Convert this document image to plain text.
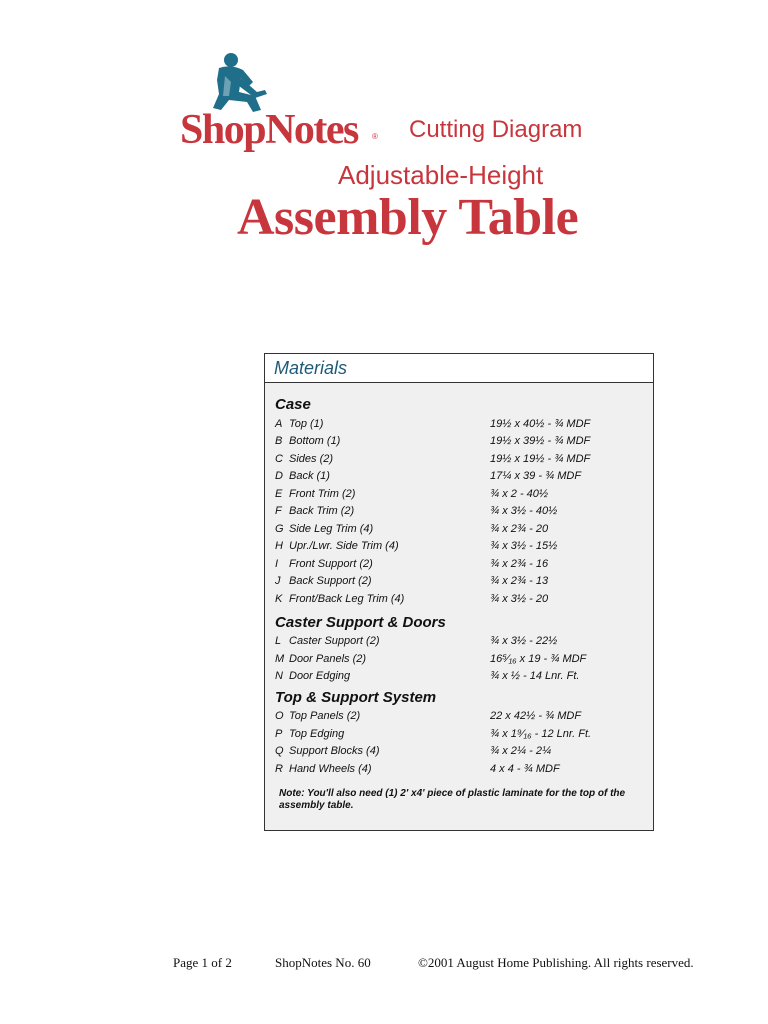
ShopNotes ® Cutting Diagram
Adjustable-Height
Assembly Table
Materials
Case
A Top (1)	19½ x 40½ - ¾ MDF
B Bottom (1)	19½ x 39½ - ¾ MDF
C Sides (2)	19½ x 19½ - ¾ MDF
D Back (1)	17¼ x 39 - ¾ MDF
E Front Trim (2)	¾ x 2 - 40½
F Back Trim (2)	¾ x 3½ - 40½
G Side Leg Trim (4)	¾ x 2¾ - 20
H Upr./Lwr. Side Trim (4)	¾ x 3½ - 15½
I Front Support (2)	¾ x 2¾ - 16
J Back Support (2)	¾ x 2¾ - 13
K Front/Back Leg Trim (4)	¾ x 3½ - 20
Caster Support & Doors
L Caster Support (2)	¾ x 3½ - 22½
M Door Panels (2)	16⁵⁄₁₆ x 19 - ¾ MDF
N Door Edging	¾ x ½ - 14 Lnr. Ft.
Top & Support System
O Top Panels (2)	22 x 42½ - ¾ MDF
P Top Edging	¾ x 1⁹⁄₁₆ - 12 Lnr. Ft.
Q Support Blocks (4)	¾ x 2¼ - 2¼
R Hand Wheels (4)	4 x 4 - ¾ MDF
Note: You'll also need (1) 2' x4' piece of plastic laminate for the top of the assembly table.
Page 1 of 2	ShopNotes No. 60	©2001 August Home Publishing. All rights reserved.
